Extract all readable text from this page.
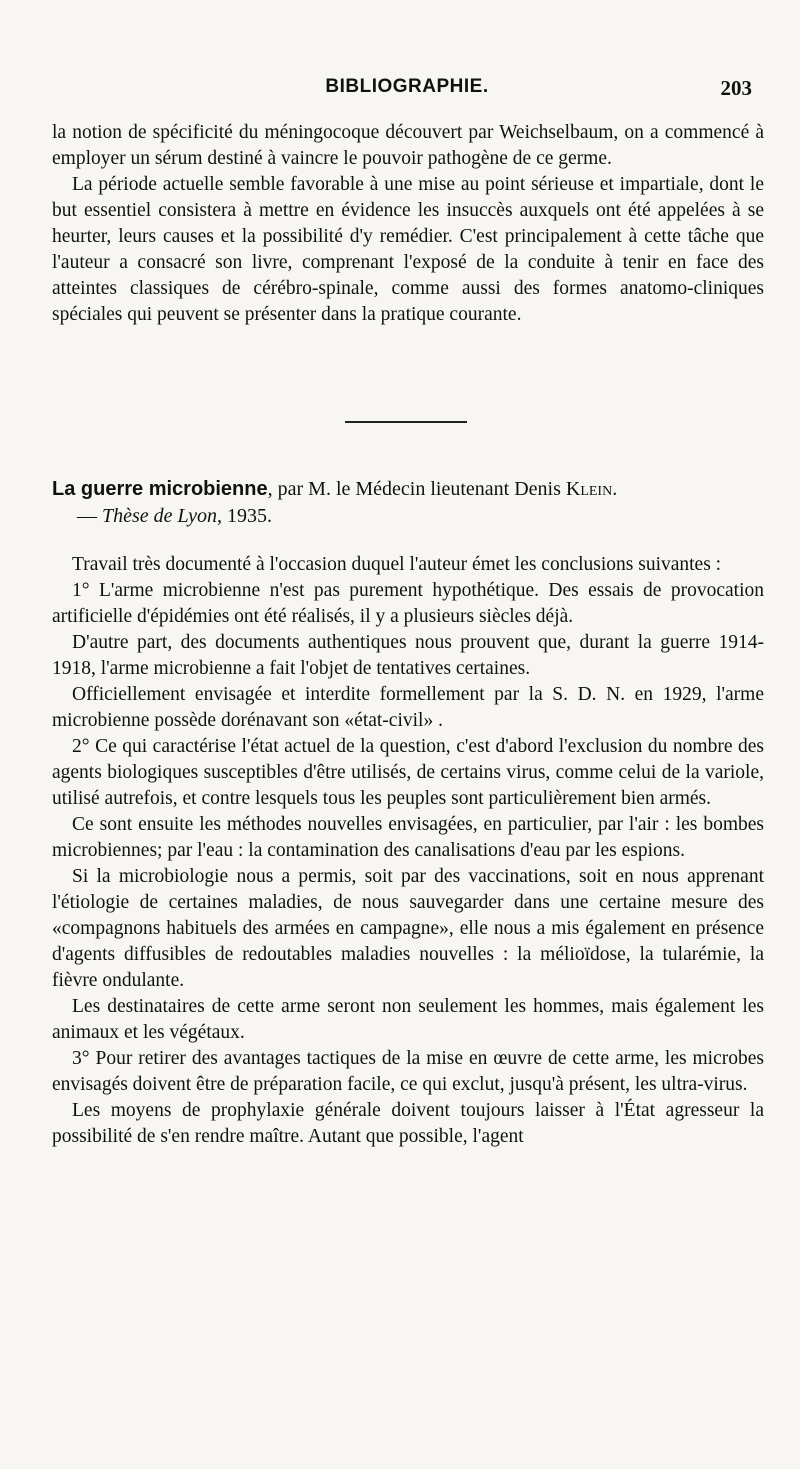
BIBLIOGRAPHIE.	203

la notion de spécificité du méningocoque découvert par Weichselbaum, on a commencé à employer un sérum destiné à vaincre le pouvoir pathogène de ce germe.

La période actuelle semble favorable à une mise au point sérieuse et impartiale, dont le but essentiel consistera à mettre en évidence les insuccès auxquels ont été appelées à se heurter, leurs causes et la possibilité d'y remédier. C'est principalement à cette tâche que l'auteur a consacré son livre, comprenant l'exposé de la conduite à tenir en face des atteintes classiques de cérébro-spinale, comme aussi des formes anatomo-cliniques spéciales qui peuvent se présenter dans la pratique courante.

La guerre microbienne, par M. le Médecin lieutenant Denis Klein.
— Thèse de Lyon, 1935.

Travail très documenté à l'occasion duquel l'auteur émet les conclusions suivantes :

1° L'arme microbienne n'est pas purement hypothétique. Des essais de provocation artificielle d'épidémies ont été réalisés, il y a plusieurs siècles déjà.

D'autre part, des documents authentiques nous prouvent que, durant la guerre 1914-1918, l'arme microbienne a fait l'objet de tentatives certaines.

Officiellement envisagée et interdite formellement par la S. D. N. en 1929, l'arme microbienne possède dorénavant son «état-civil» .

2° Ce qui caractérise l'état actuel de la question, c'est d'abord l'exclusion du nombre des agents biologiques susceptibles d'être utilisés, de certains virus, comme celui de la variole, utilisé autrefois, et contre lesquels tous les peuples sont particulièrement bien armés.

Ce sont ensuite les méthodes nouvelles envisagées, en particulier, par l'air : les bombes microbiennes; par l'eau : la contamination des canalisations d'eau par les espions.

Si la microbiologie nous a permis, soit par des vaccinations, soit en nous apprenant l'étiologie de certaines maladies, de nous sauvegarder dans une certaine mesure des «compagnons habituels des armées en campagne», elle nous a mis également en présence d'agents diffusibles de redoutables maladies nouvelles : la mélioïdose, la tularémie, la fièvre ondulante.

Les destinataires de cette arme seront non seulement les hommes, mais également les animaux et les végétaux.

3° Pour retirer des avantages tactiques de la mise en œuvre de cette arme, les microbes envisagés doivent être de préparation facile, ce qui exclut, jusqu'à présent, les ultra-virus.

Les moyens de prophylaxie générale doivent toujours laisser à l'État agresseur la possibilité de s'en rendre maître. Autant que possible, l'agent
